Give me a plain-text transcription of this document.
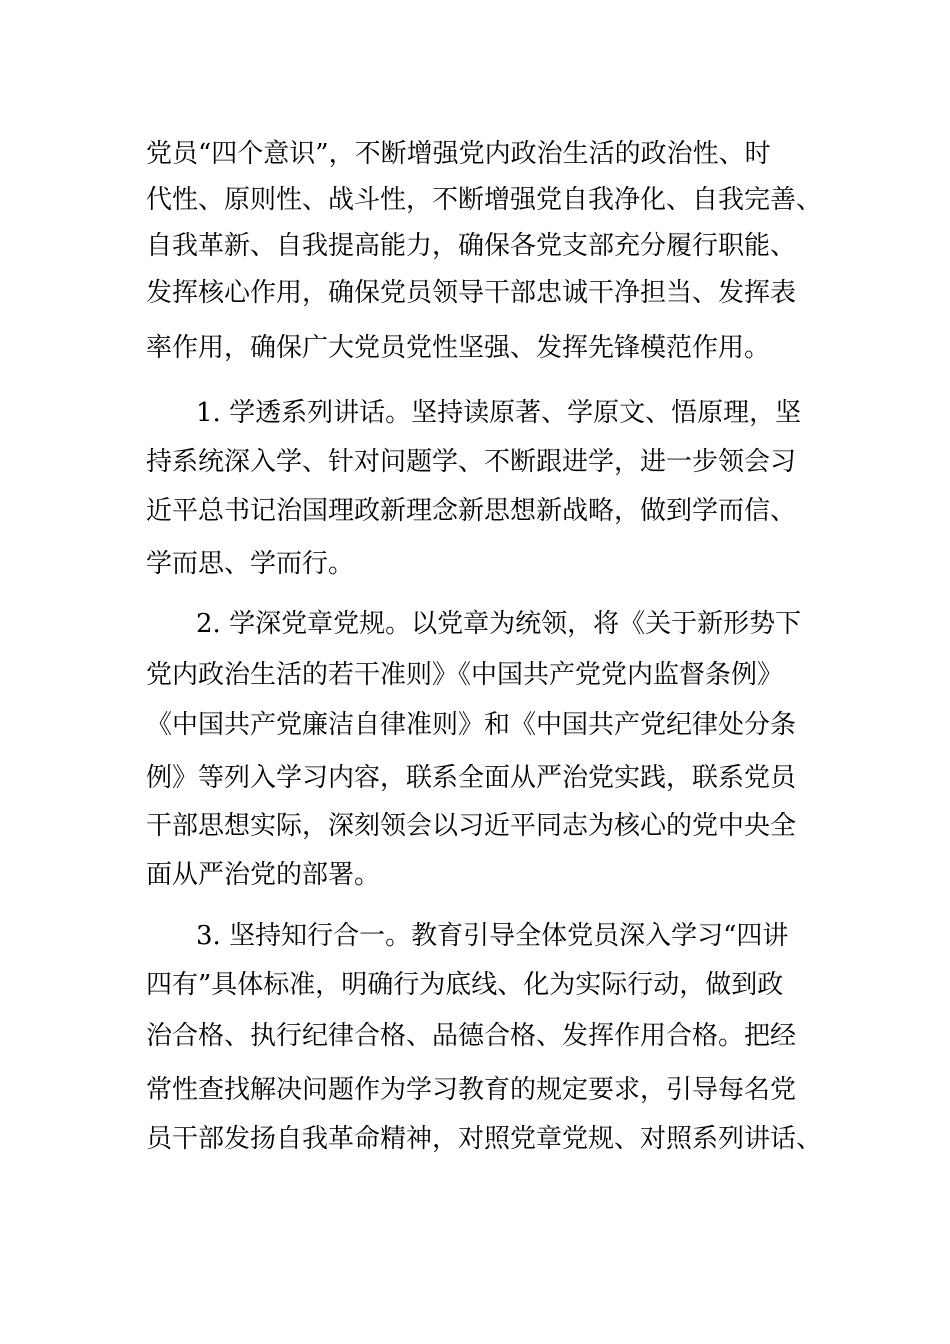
党员“四个意识”，不断增强党内政治生活的政治性、时
代性、原则性、战斗性，不断增强党自我净化、自我完善、
自我革新、自我提高能力，确保各党支部充分履行职能、
发挥核心作用，确保党员领导干部忠诚干净担当、发挥表
率作用，确保广大党员党性坚强、发挥先锋模范作用。
1. 学透系列讲话。坚持读原著、学原文、悟原理，坚
持系统深入学、针对问题学、不断跟进学，进一步领会习
近平总书记治国理政新理念新思想新战略，做到学而信、
学而思、学而行。
2. 学深党章党规。以党章为统领，将《关于新形势下
党内政治生活的若干准则》《中国共产党党内监督条例》
《中国共产党廉洁自律准则》和《中国共产党纪律处分条
例》等列入学习内容，联系全面从严治党实践，联系党员
干部思想实际，深刻领会以习近平同志为核心的党中央全
面从严治党的部署。
3. 坚持知行合一。教育引导全体党员深入学习“四讲
四有”具体标准，明确行为底线、化为实际行动，做到政
治合格、执行纪律合格、品德合格、发挥作用合格。把经
常性查找解决问题作为学习教育的规定要求，引导每名党
员干部发扬自我革命精神，对照党章党规、对照系列讲话、
